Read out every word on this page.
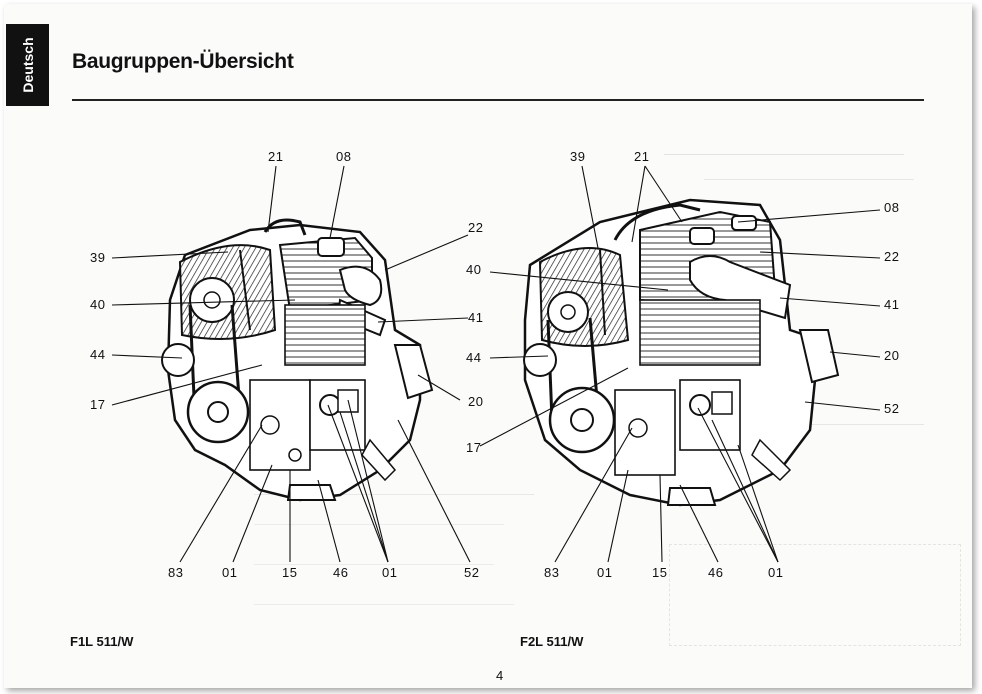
Deutsch Baugruppen-Übersicht
21	08
22
39
40
41
44
20
17
83	01	15	46	01	52
39	21
08
22
40
41
44	20
52
17
83	01	15	46	01
F1L 511/W	F2L 511/W
4
